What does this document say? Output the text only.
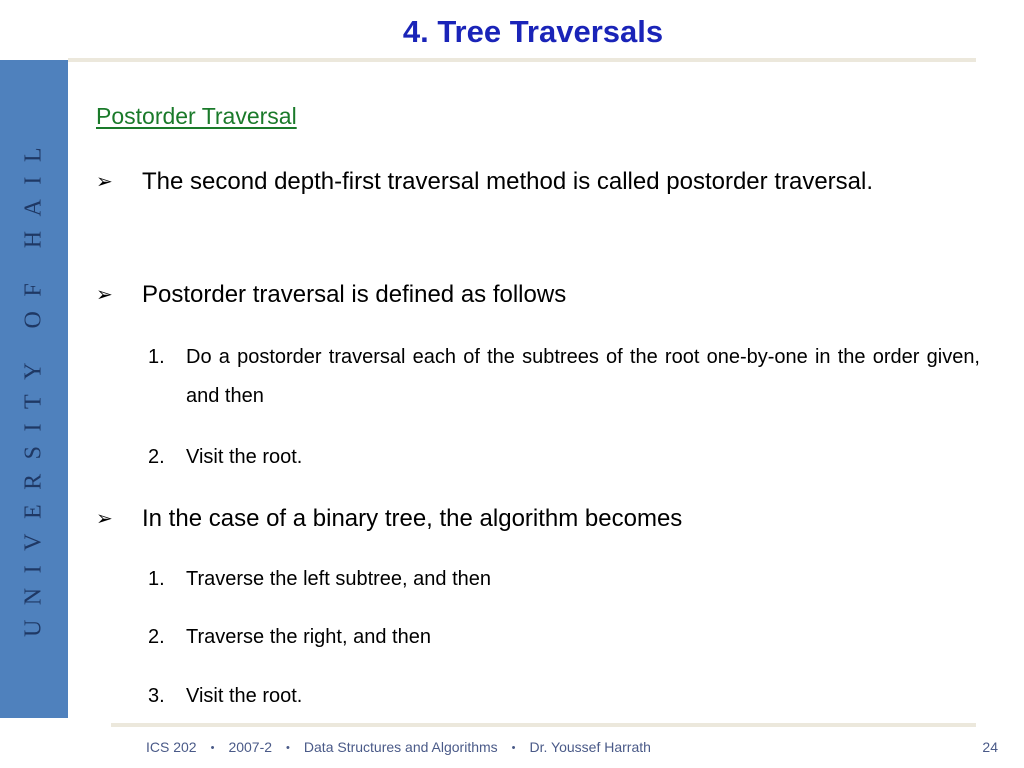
4. Tree Traversals
UNIVERSITY OF HAIL

Postorder Traversal

➢	The second depth-first traversal method is called postorder traversal.
➢	Postorder traversal is defined as follows
1.	Do a postorder traversal each of the subtrees of the root one-by-one in the order given, and then
2.	Visit the root.
➢	In the case of a binary tree, the algorithm becomes
1.	Traverse the left subtree, and then
2.	Traverse the right, and then
3.	Visit the root.
ICS 202 • 2007-2 • Data Structures and Algorithms • Dr. Youssef Harrath	24
